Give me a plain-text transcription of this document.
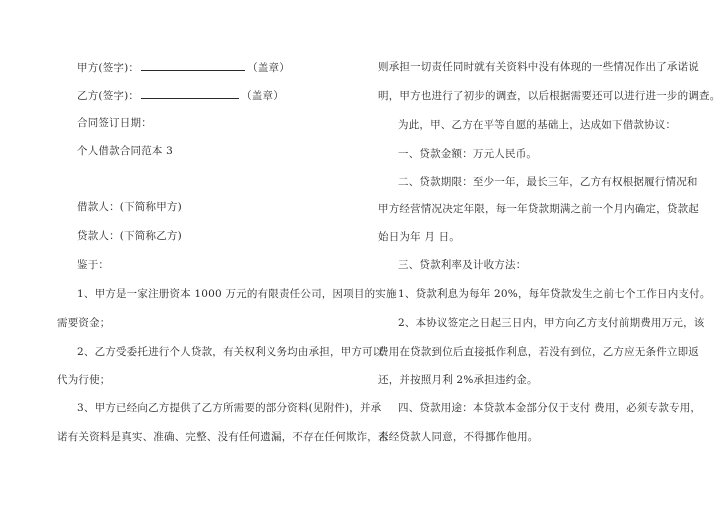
甲方(签字)：	（盖章）
乙方(签字)：	（盖章）
合同签订日期：
个人借款合同范本 3
借款人：(下简称甲方)
贷款人：(下简称乙方)
鉴于：
1、甲方是一家注册资本 1000 万元的有限责任公司，因项目的实施
需要资金；
2、乙方受委托进行个人贷款，有关权利义务均由承担，甲方可以
代为行使；
3、甲方已经向乙方提供了乙方所需要的部分资料(见附件)，并承
诺有关资料是真实、准确、完整、没有任何遗漏，不存在任何欺诈，否
则承担一切责任同时就有关资料中没有体现的一些情况作出了承诺说
明，甲方也进行了初步的调查，以后根据需要还可以进行进一步的调查。
为此，甲、乙方在平等自愿的基础上，达成如下借款协议：
一、贷款金额：万元人民币。
二、贷款期限：至少一年，最长三年，乙方有权根据履行情况和
甲方经营情况决定年限，每一年贷款期满之前一个月内确定，贷款起
始日为年 月 日。
三、贷款利率及计收方法：
1、贷款利息为每年 20%，每年贷款发生之前七个工作日内支付。
2、本协议签定之日起三日内，甲方向乙方支付前期费用万元，该
费用在贷款到位后直接抵作利息，若没有到位，乙方应无条件立即返
还，并按照月利 2%承担违约金。
四、贷款用途：本贷款本金部分仅于支付 费用，必须专款专用，
未经贷款人同意，不得挪作他用。
